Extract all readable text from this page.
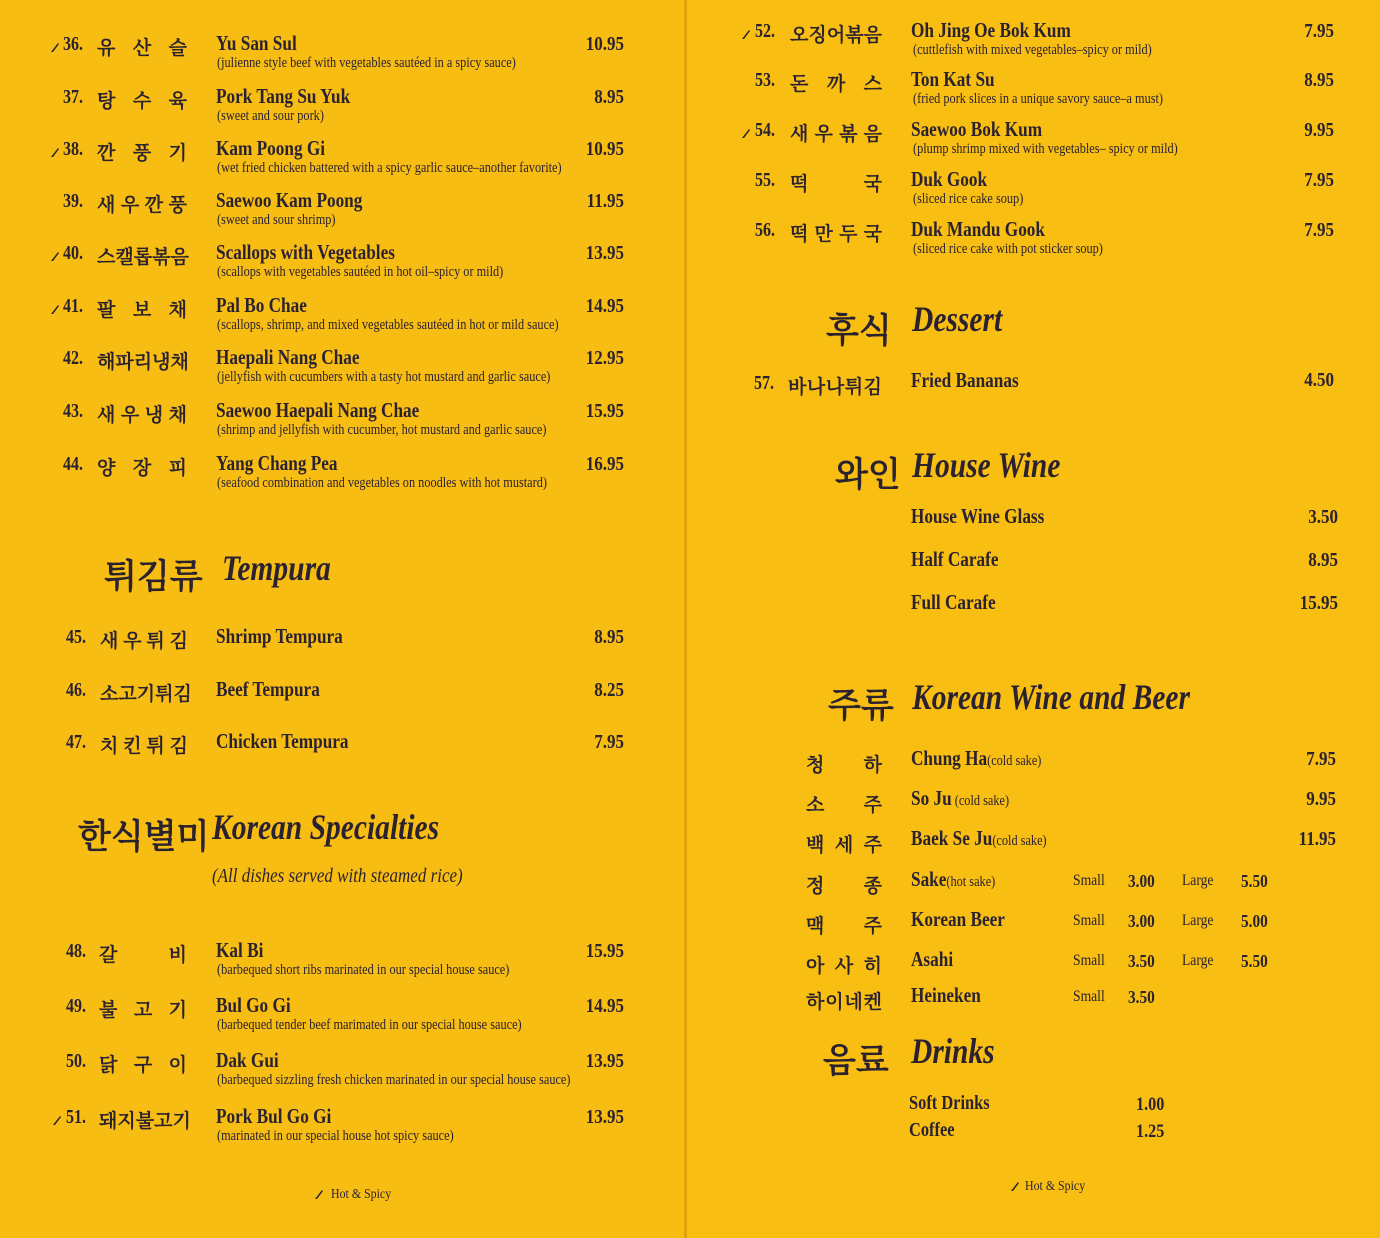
36. 유 산 슬 Yu San Sul
(julienne style beef with vegetables sautéed in a spicy sauce)
10.95
37. 탕 수 육 Pork Tang Su Yuk
(sweet and sour pork)
8.95
38. 깐 풍 기 Kam Poong Gi
(wet fried chicken battered with a spicy garlic sauce–another favorite)
10.95
39. 새 우 깐 풍 Saewoo Kam Poong
(sweet and sour shrimp)
11.95
40. 스 캘 롭 볶 음 Scallops with Vegetables
(scallops with vegetables sautéed in hot oil–spicy or mild)
13.95
41. 팔 보 채 Pal Bo Chae
(scallops, shrimp, and mixed vegetables sautéed in hot or mild sauce)
14.95
42. 해 파 리 냉 채 Haepali Nang Chae
(jellyfish with cucumbers with a tasty hot mustard and garlic sauce)
12.95
43. 새 우 냉 채 Saewoo Haepali Nang Chae
(shrimp and jellyfish with cucumber, hot mustard and garlic sauce)
15.95
44. 양 장 피 Yang Chang Pea
(seafood combination and vegetables on noodles with hot mustard)
16.95
튀김류 Tempura
45. 새 우 튀 김 Shrimp Tempura	8.95
46. 소 고 기 튀 김 Beef Tempura	8.25
47. 치 킨 튀 김 Chicken Tempura	7.95
한식별미 Korean Specialties
(All dishes served with steamed rice)
48. 갈	비 Kal Bi
(barbequed short ribs marinated in our special house sauce)
15.95
49. 불 고 기 Bul Go Gi
(barbequed tender beef marimated in our special house sauce)
14.95
50. 닭 구 이 Dak Gui
(barbequed sizzling fresh chicken marinated in our special house sauce)
13.95
51. 돼 지 불 고 기 Pork Bul Go Gi
(marinated in our special house hot spicy sauce)
13.95
Hot & Spicy
52. 오 징 어 볶 음 Oh Jing Oe Bok Kum
(cuttlefish with mixed vegetables–spicy or mild)
7.95
53. 돈 까 스 Ton Kat Su
(fried pork slices in a unique savory sauce–a must)
8.95
54. 새 우 볶 음 Saewoo Bok Kum
(plump shrimp mixed with vegetables– spicy or mild)
9.95
55. 떡	국 Duk Gook
(sliced rice cake soup)
7.95
56. 떡 만 두 국 Duk Mandu Gook
(sliced rice cake with pot sticker soup)
7.95
후식 Dessert
57. 바 나 나 튀 김 Fried Bananas	4.50
와인 House Wine
House Wine Glass	3.50
Half Carafe	8.95
Full Carafe	15.95
주류 Korean Wine and Beer
청 하 Chung Ha(cold sake)	7.95
소 주 So Ju (cold sake)	9.95
백 세 주 Baek Se Ju(cold sake)	11.95
정 종 Sake(hot sake)	Small 3.00 Large 5.50
맥 주 Korean Beer	Small 3.00 Large 5.00
아 사 히 Asahi	Small 3.50 Large 5.50
하 이 네 켄 Heineken	Small 3.50
음료 Drinks
Soft Drinks	1.00
Coffee	1.25
Hot & Spicy
